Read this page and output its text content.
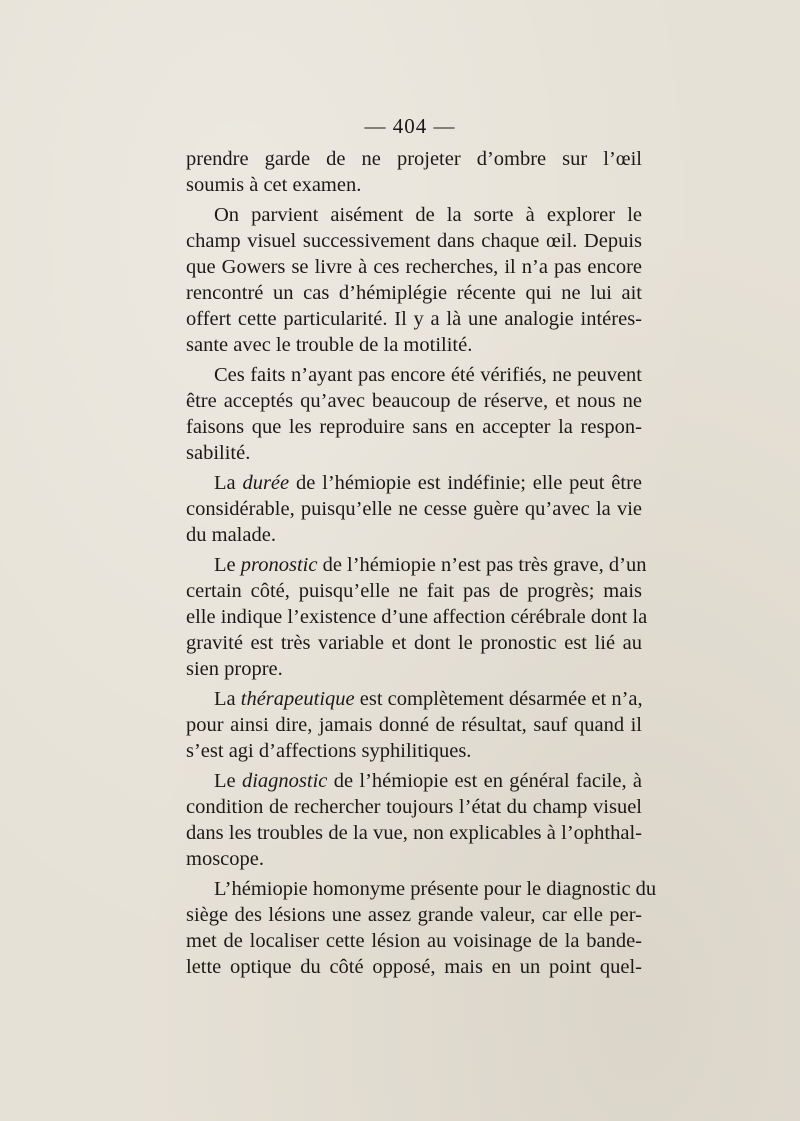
— 404 —
prendre garde de ne projeter d’ombre sur l’œil
soumis à cet examen.
On parvient aisément de la sorte à explorer le
champ visuel successivement dans chaque œil. Depuis
que Gowers se livre à ces recherches, il n’a pas encore
rencontré un cas d’hémiplégie récente qui ne lui ait
offert cette particularité. Il y a là une analogie intéres-
sante avec le trouble de la motilité.
Ces faits n’ayant pas encore été vérifiés, ne peuvent
être acceptés qu’avec beaucoup de réserve, et nous ne
faisons que les reproduire sans en accepter la respon-
sabilité.
La durée de l’hémiopie est indéfinie; elle peut être
considérable, puisqu’elle ne cesse guère qu’avec la vie
du malade.
Le pronostic de l’hémiopie n’est pas très grave, d’un
certain côté, puisqu’elle ne fait pas de progrès; mais
elle indique l’existence d’une affection cérébrale dont la
gravité est très variable et dont le pronostic est lié au
sien propre.
La thérapeutique est complètement désarmée et n’a,
pour ainsi dire, jamais donné de résultat, sauf quand il
s’est agi d’affections syphilitiques.
Le diagnostic de l’hémiopie est en général facile, à
condition de rechercher toujours l’état du champ visuel
dans les troubles de la vue, non explicables à l’ophthal-
moscope.
L’hémiopie homonyme présente pour le diagnostic du
siège des lésions une assez grande valeur, car elle per-
met de localiser cette lésion au voisinage de la bande-
lette optique du côté opposé, mais en un point quel-
